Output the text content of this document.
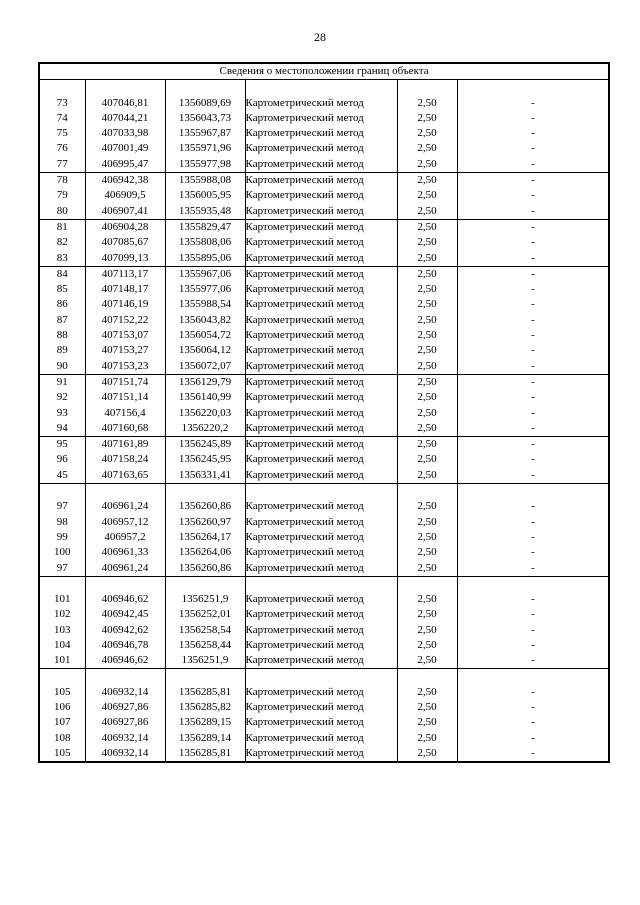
28
Сведения о местоположении границ объекта					

73	407046,81	1356089,69	Картометрический метод	2,50	-
74	407044,21	1356043,73	Картометрический метод	2,50	-
75	407033,98	1355967,87	Картометрический метод	2,50	-
76	407001,49	1355971,96	Картометрический метод	2,50	-
77	406995,47	1355977,98	Картометрический метод	2,50	-
78	406942,38	1355988,08	Картометрический метод	2,50	-
79	406909,5	1356005,95	Картометрический метод	2,50	-
80	406907,41	1355935,48	Картометрический метод	2,50	-
81	406904,28	1355829,47	Картометрический метод	2,50	-
82	407085,67	1355808,06	Картометрический метод	2,50	-
83	407099,13	1355895,06	Картометрический метод	2,50	-
84	407113,17	1355967,06	Картометрический метод	2,50	-
85	407148,17	1355977,06	Картометрический метод	2,50	-
86	407146,19	1355988,54	Картометрический метод	2,50	-
87	407152,22	1356043,82	Картометрический метод	2,50	-
88	407153,07	1356054,72	Картометрический метод	2,50	-
89	407153,27	1356064,12	Картометрический метод	2,50	-
90	407153,23	1356072,07	Картометрический метод	2,50	-
91	407151,74	1356129,79	Картометрический метод	2,50	-
92	407151,14	1356140,99	Картометрический метод	2,50	-
93	407156,4	1356220,03	Картометрический метод	2,50	-
94	407160,68	1356220,2	Картометрический метод	2,50	-
95	407161,89	1356245,89	Картометрический метод	2,50	-
96	407158,24	1356245,95	Картометрический метод	2,50	-
45	407163,65	1356331,41	Картометрический метод	2,50	-

97	406961,24	1356260,86	Картометрический метод	2,50	-
98	406957,12	1356260,97	Картометрический метод	2,50	-
99	406957,2	1356264,17	Картометрический метод	2,50	-
100	406961,33	1356264,06	Картометрический метод	2,50	-
97	406961,24	1356260,86	Картометрический метод	2,50	-

101	406946,62	1356251,9	Картометрический метод	2,50	-
102	406942,45	1356252,01	Картометрический метод	2,50	-
103	406942,62	1356258,54	Картометрический метод	2,50	-
104	406946,78	1356258,44	Картометрический метод	2,50	-
101	406946,62	1356251,9	Картометрический метод	2,50	-

105	406932,14	1356285,81	Картометрический метод	2,50	-
106	406927,86	1356285,82	Картометрический метод	2,50	-
107	406927,86	1356289,15	Картометрический метод	2,50	-
108	406932,14	1356289,14	Картометрический метод	2,50	-
105	406932,14	1356285,81	Картометрический метод	2,50	-
